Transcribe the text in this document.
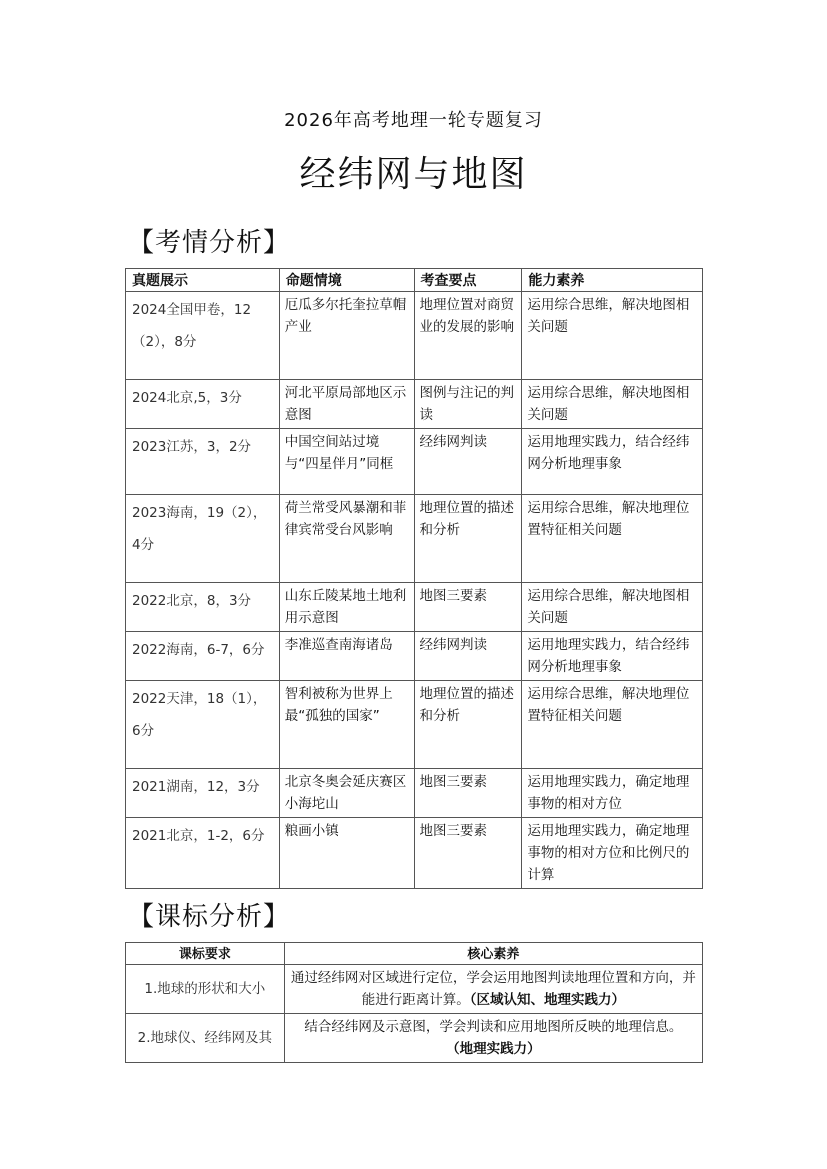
2026年高考地理一轮专题复习
经纬网与地图
【考情分析】
真题展示	命题情境	考查要点	能力素养
2024全国甲卷，12（2），8分	厄瓜多尔托奎拉草帽产业	地理位置对商贸业的发展的影响	运用综合思维，解决地图相关问题
2024北京,5，3分	河北平原局部地区示意图	图例与注记的判读	运用综合思维，解决地图相关问题
2023江苏，3，2分	中国空间站过境与“四星伴月”同框	经纬网判读	运用地理实践力，结合经纬网分析地理事象
2023海南，19（2），4分	荷兰常受风暴潮和菲律宾常受台风影响	地理位置的描述和分析	运用综合思维，解决地理位置特征相关问题
2022北京，8，3分	山东丘陵某地土地利用示意图	地图三要素	运用综合思维，解决地图相关问题
2022海南，6-7，6分	李准巡查南海诸岛	经纬网判读	运用地理实践力，结合经纬网分析地理事象
2022天津，18（1），6分	智利被称为世界上最“孤独的国家”	地理位置的描述和分析	运用综合思维，解决地理位置特征相关问题
2021湖南，12，3分	北京冬奥会延庆赛区小海坨山	地图三要素	运用地理实践力，确定地理事物的相对方位
2021北京，1-2，6分	粮画小镇	地图三要素	运用地理实践力，确定地理事物的相对方位和比例尺的计算
【课标分析】
课标要求	核心素养
1.地球的形状和大小	通过经纬网对区域进行定位，学会运用地图判读地理位置和方向，并能进行距离计算。（区域认知、地理实践力）
2.地球仪、经纬网及其	结合经纬网及示意图，学会判读和应用地图所反映的地理信息。
（地理实践力）
